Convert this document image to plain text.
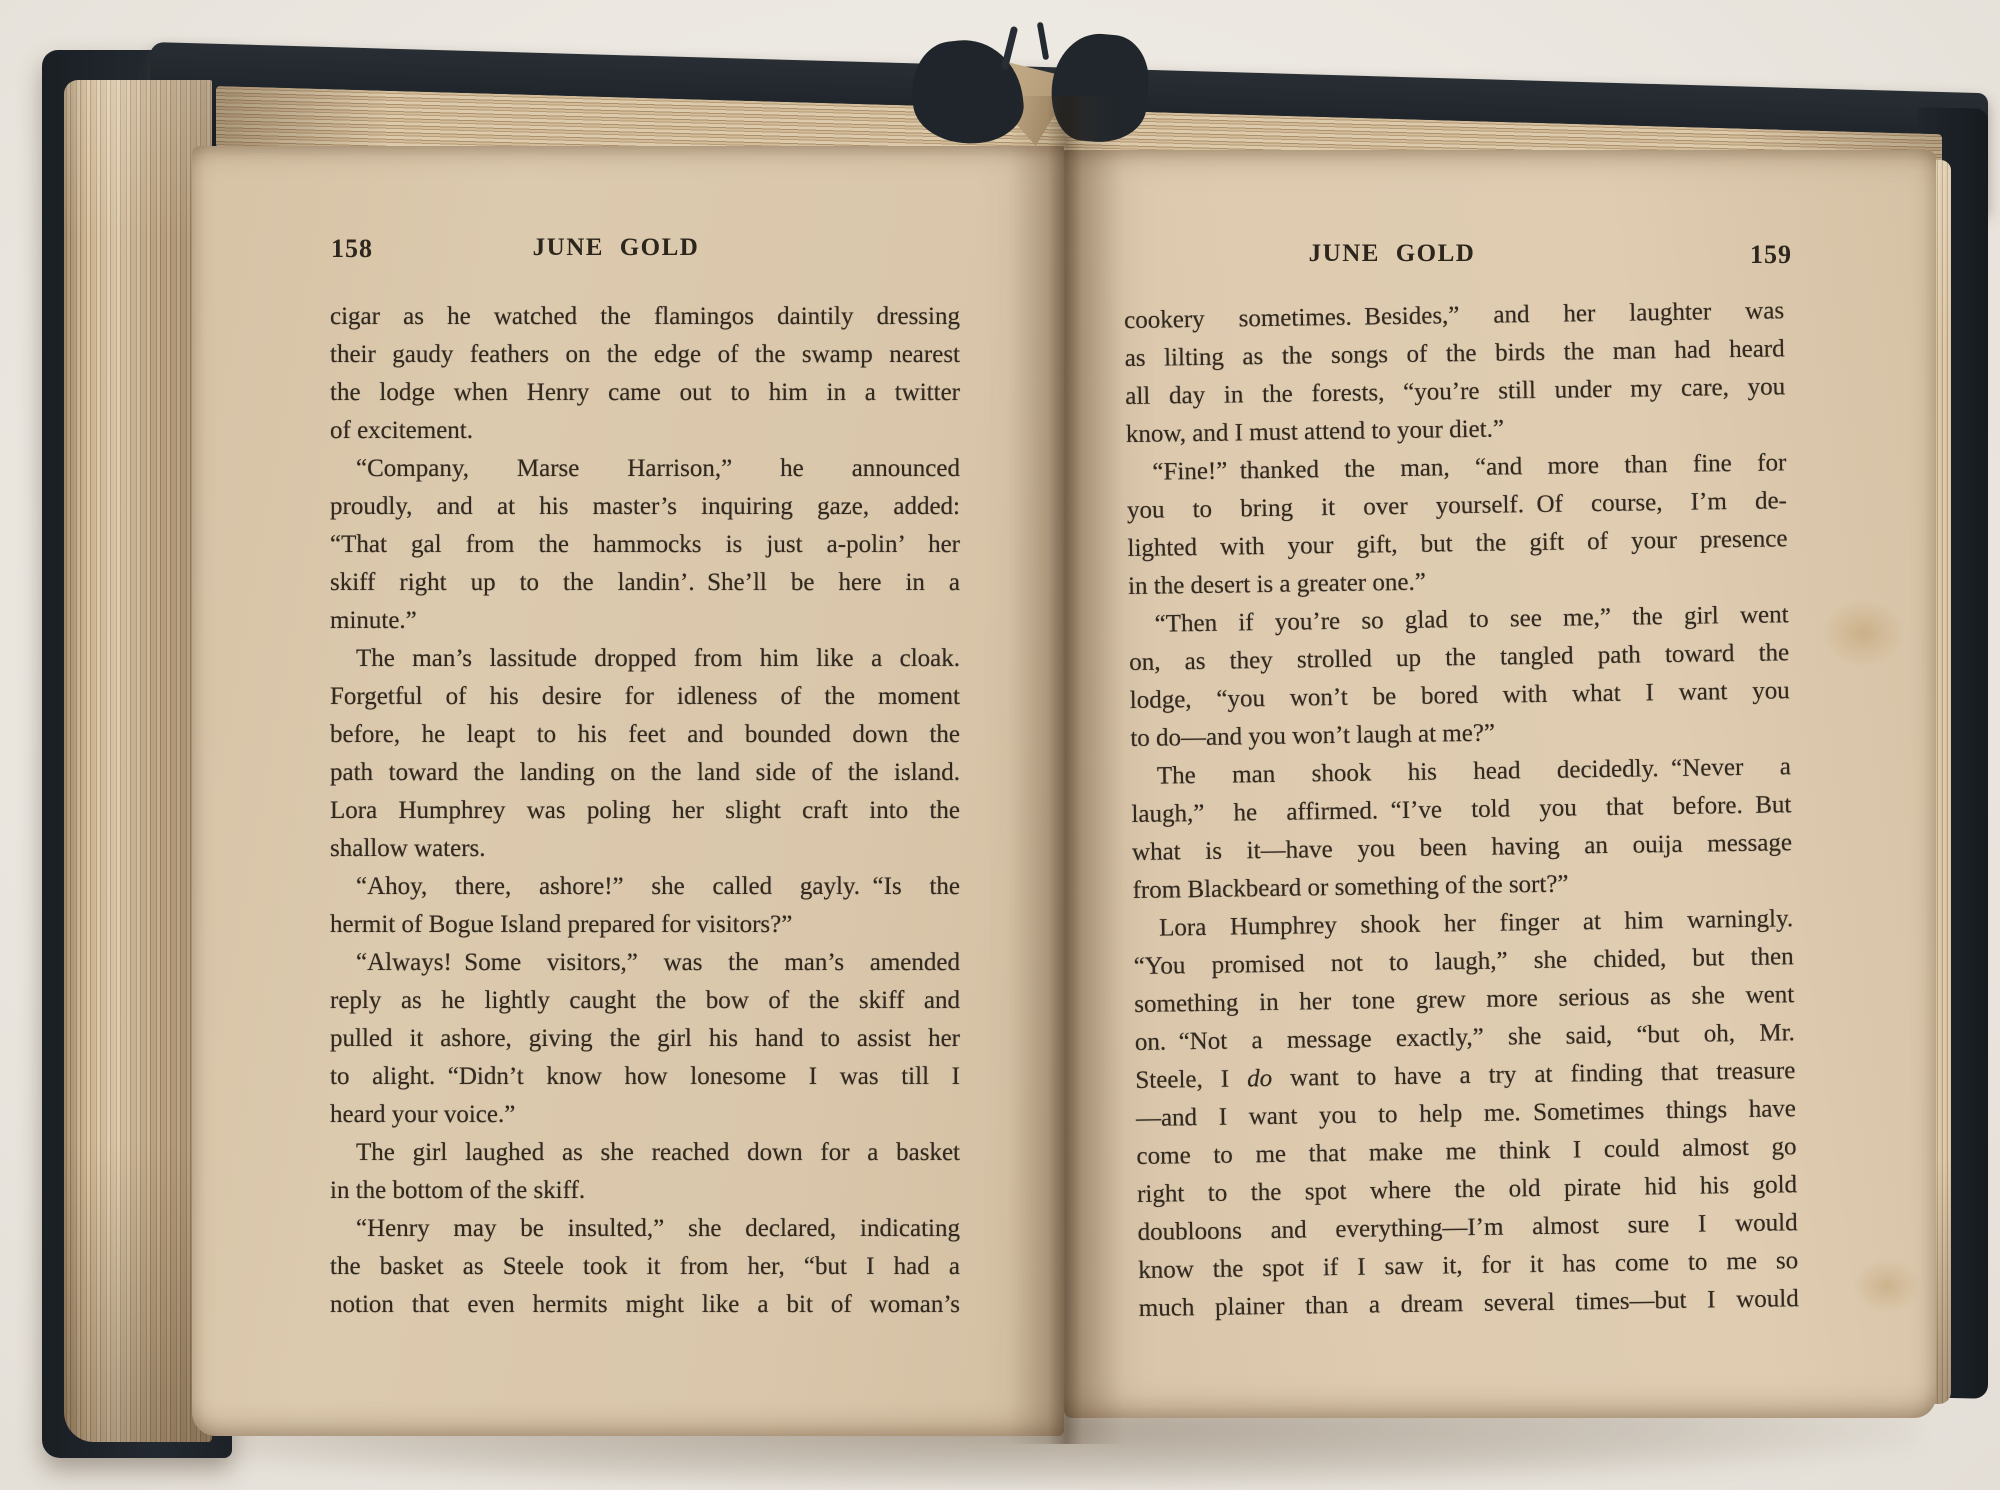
158	JUNE GOLD
cigar as he watched the flamingos daintily dressing
their gaudy feathers on the edge of the swamp nearest
the lodge when Henry came out to him in a twitter
of excitement.
“Company, Marse Harrison,” he announced
proudly, and at his master’s inquiring gaze, added:
“That gal from the hammocks is just a-polin’ her
skiff right up to the landin’. She’ll be here in a
minute.”
The man’s lassitude dropped from him like a cloak.
Forgetful of his desire for idleness of the moment
before, he leapt to his feet and bounded down the
path toward the landing on the land side of the island.
Lora Humphrey was poling her slight craft into the
shallow waters.
“Ahoy, there, ashore!” she called gayly. “Is the
hermit of Bogue Island prepared for visitors?”
“Always! Some visitors,” was the man’s amended
reply as he lightly caught the bow of the skiff and
pulled it ashore, giving the girl his hand to assist her
to alight. “Didn’t know how lonesome I was till I
heard your voice.”
The girl laughed as she reached down for a basket
in the bottom of the skiff.
“Henry may be insulted,” she declared, indicating
the basket as Steele took it from her, “but I had a
notion that even hermits might like a bit of woman’s
JUNE GOLD	159
cookery sometimes. Besides,” and her laughter was
as lilting as the songs of the birds the man had heard
all day in the forests, “you’re still under my care, you
know, and I must attend to your diet.”
“Fine!” thanked the man, “and more than fine for
you to bring it over yourself. Of course, I’m de-
lighted with your gift, but the gift of your presence
in the desert is a greater one.”
“Then if you’re so glad to see me,” the girl went
on, as they strolled up the tangled path toward the
lodge, “you won’t be bored with what I want you
to do—and you won’t laugh at me?”
The man shook his head decidedly. “Never a
laugh,” he affirmed. “I’ve told you that before. But
what is it—have you been having an ouija message
from Blackbeard or something of the sort?”
Lora Humphrey shook her finger at him warningly.
“You promised not to laugh,” she chided, but then
something in her tone grew more serious as she went
on. “Not a message exactly,” she said, “but oh, Mr.
Steele, I do want to have a try at finding that treasure
—and I want you to help me. Sometimes things have
come to me that make me think I could almost go
right to the spot where the old pirate hid his gold
doubloons and everything—I’m almost sure I would
know the spot if I saw it, for it has come to me so
much plainer than a dream several times—but I would
